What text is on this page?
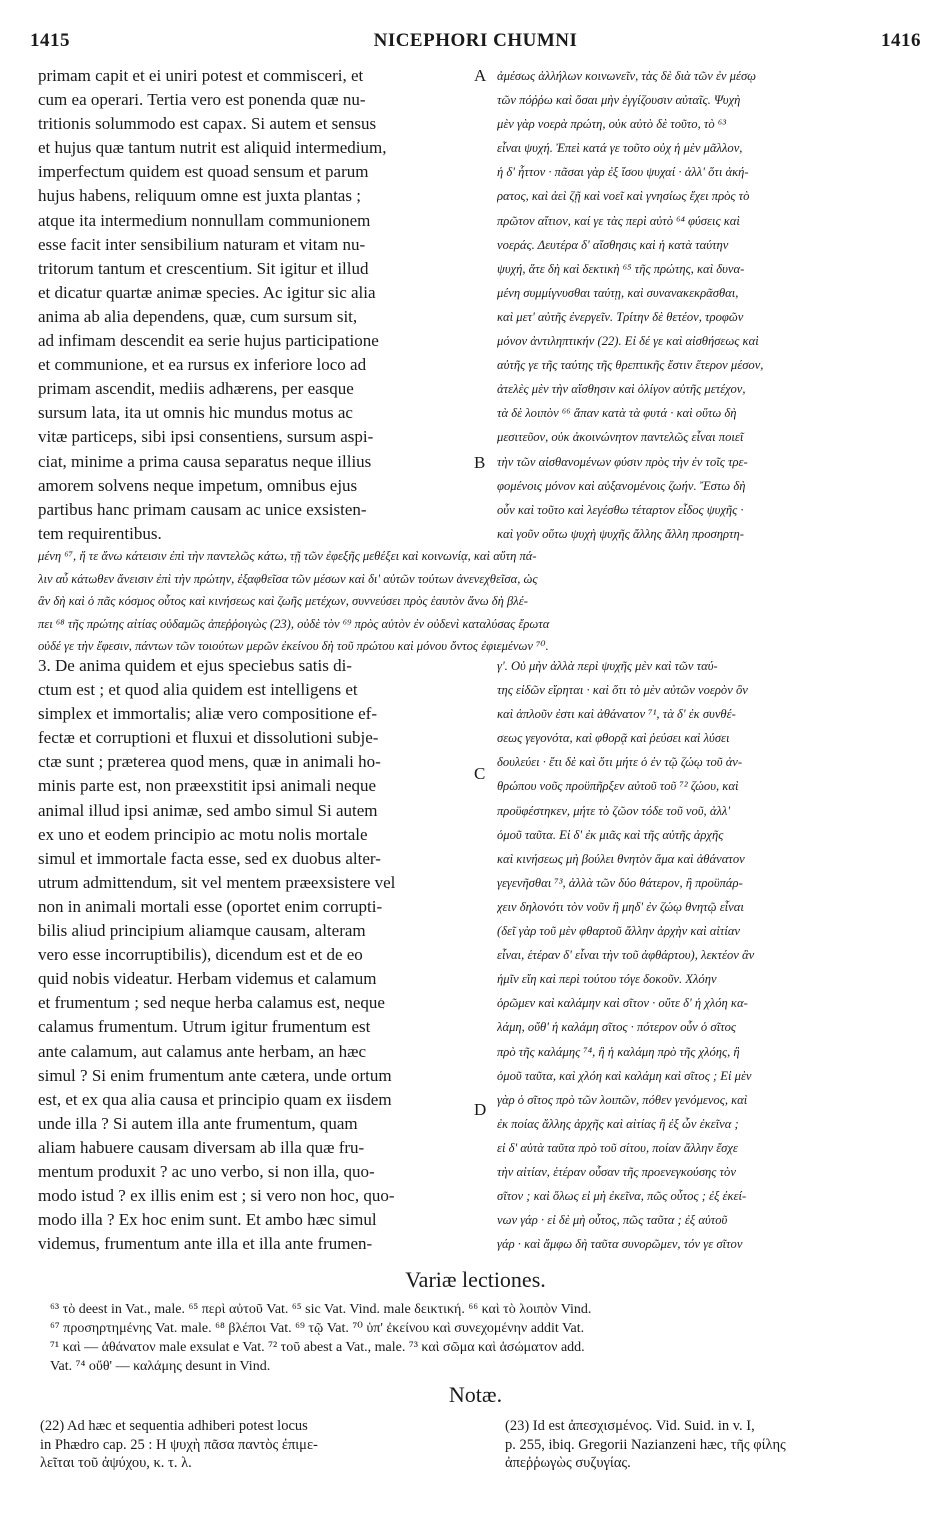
1415	NICEPHORI CHUMNI	1416
A
B
C
D
primam capit et ei uniri potest et commisceri, et
cum ea operari. Tertia vero est ponenda quæ nu-
tritionis solummodo est capax. Si autem et sensus
et hujus quæ tantum nutrit est aliquid intermedium,
imperfectum quidem est quoad sensum et parum
hujus habens, reliquum omne est juxta plantas ;
atque ita intermedium nonnullam communionem
esse facit inter sensibilium naturam et vitam nu-
tritorum tantum et crescentium. Sit igitur et illud
et dicatur quartæ animæ species. Ac igitur sic alia
anima ab alia dependens, quæ, cum sursum sit,
ad infimam descendit ea serie hujus participatione
et communione, et ea rursus ex inferiore loco ad
primam ascendit, mediis adhærens, per easque
sursum lata, ita ut omnis hic mundus motus ac
vitæ particeps, sibi ipsi consentiens, sursum aspi-
ciat, minime a prima causa separatus neque illius
amorem solvens neque impetum, omnibus ejus
partibus hanc primam causam ac unice exsisten-
tem requirentibus.
ἀμέσως ἀλλήλων κοινωνεῖν, τὰς δὲ διὰ τῶν ἐν μέσῳ
τῶν πόῤῥω καὶ ὅσαι μὴν ἐγγίζουσιν αὐταῖς. Ψυχὴ
μὲν γὰρ νοερὰ πρώτη, οὐκ αὐτὸ δὲ τοῦτο, τὸ ⁶³
εἶναι ψυχή. Ἐπεὶ κατά γε τοῦτο οὐχ ἡ μὲν μᾶλλον,
ἡ δ' ἧττον · πᾶσαι γὰρ ἐξ ἴσου ψυχαί · ἀλλ' ὅτι ἀκή-
ρατος, καὶ ἀεὶ ζῇ καὶ νοεῖ καὶ γνησίως ἔχει πρὸς τὸ
πρῶτον αἴτιον, καί γε τὰς περὶ αὐτὸ ⁶⁴ φύσεις καὶ
νοεράς. Δευτέρα δ' αἴσθησις καὶ ἡ κατὰ ταύτην
ψυχή, ἅτε δὴ καὶ δεκτικὴ ⁶⁵ τῆς πρώτης, καὶ δυνα-
μένη συμμίγνυσθαι ταύτῃ, καὶ συνανακεκρᾶσθαι,
καὶ μετ' αὐτῆς ἐνεργεῖν. Τρίτην δὲ θετέον, τροφῶν
μόνον ἀντιληπτικήν (22). Εἰ δέ γε καὶ αἰσθήσεως καὶ
αὐτῆς γε τῆς ταύτης τῆς θρεπτικῆς ἔστιν ἕτερον μέσον,
ἀτελὲς μὲν τὴν αἴσθησιν καὶ ὀλίγον αὐτῆς μετέχον,
τὰ δὲ λοιπὸν ⁶⁶ ἅπαν κατὰ τὰ φυτά · καὶ οὕτω δὴ
μεσιτεῦον, οὐκ ἀκοινώνητον παντελῶς εἶναι ποιεῖ
τὴν τῶν αἰσθανομένων φύσιν πρὸς τὴν ἐν τοῖς τρε-
φομένοις μόνον καὶ αὐξανομένοις ζωήν. Ἔστω δὴ
οὖν καὶ τοῦτο καὶ λεγέσθω τέταρτον εἶδος ψυχῆς ·
καὶ γοῦν οὕτω ψυχὴ ψυχῆς ἄλλης ἄλλη προσηρτη-
μένη ⁶⁷, ἥ τε ἄνω κάτεισιν ἐπὶ τὴν παντελῶς κάτω, τῇ τῶν ἐφεξῆς μεθέξει καὶ κοινωνίᾳ, καὶ αὕτη πά-
λιν αὖ κάτωθεν ἄνεισιν ἐπὶ τὴν πρώτην, ἐξαφθεῖσα τῶν μέσων καὶ δι' αὐτῶν τούτων ἀνενεχθεῖσα, ὡς
ἂν δὴ καὶ ὁ πᾶς κόσμος οὗτος καὶ κινήσεως καὶ ζωῆς μετέχων, συννεύσει πρὸς ἑαυτὸν ἄνω δὴ βλέ-
πει ⁶⁸ τῆς πρώτης αἰτίας οὐδαμῶς ἀπεῤῥοιγὼς (23), οὐδὲ τὸν ⁶⁹ πρὸς αὐτὸν ἐν οὐδενὶ καταλύσας ἔρωτα
οὐδέ γε τὴν ἔφεσιν, πάντων τῶν τοιούτων μερῶν ἐκείνου δὴ τοῦ πρώτου καὶ μόνου ὄντος ἐφιεμένων ⁷⁰.
3. De anima quidem et ejus speciebus satis di-
ctum est ; et quod alia quidem est intelligens et
simplex et immortalis; aliæ vero compositione ef-
fectæ et corruptioni et fluxui et dissolutioni subje-
ctæ sunt ; præterea quod mens, quæ in animali ho-
minis parte est, non præexstitit ipsi animali neque
animal illud ipsi animæ, sed ambo simul Si autem
ex uno et eodem principio ac motu nolis mortale
simul et immortale facta esse, sed ex duobus alter-
utrum admittendum, sit vel mentem præexsistere vel
non in animali mortali esse (oportet enim corrupti-
bilis aliud principium aliamque causam, alteram
vero esse incorruptibilis), dicendum est et de eo
quid nobis videatur. Herbam videmus et calamum
et frumentum ; sed neque herba calamus est, neque
calamus frumentum. Utrum igitur frumentum est
ante calamum, aut calamus ante herbam, an hæc
simul ? Si enim frumentum ante cætera, unde ortum
est, et ex qua alia causa et principio quam ex iisdem
unde illa ? Si autem illa ante frumentum, quam
aliam habuere causam diversam ab illa quæ fru-
mentum produxit ? ac uno verbo, si non illa, quo-
modo istud ? ex illis enim est ; si vero non hoc, quo-
modo illa ? Ex hoc enim sunt. Et ambo hæc simul
videmus, frumentum ante illa et illa ante frumen-
γ'. Οὐ μὴν ἀλλὰ περὶ ψυχῆς μὲν καὶ τῶν ταύ-
της εἰδῶν εἴρηται · καὶ ὅτι τὸ μὲν αὐτῶν νοερὸν ὂν
καὶ ἁπλοῦν ἐστι καὶ ἀθάνατον ⁷¹, τὰ δ' ἐκ συνθέ-
σεως γεγονότα, καὶ φθορᾷ καὶ ῥεύσει καὶ λύσει
δουλεύει · ἔτι δὲ καὶ ὅτι μήτε ὁ ἐν τῷ ζώῳ τοῦ ἀν-
θρώπου νοῦς προϋπῆρξεν αὐτοῦ τοῦ ⁷² ζώου, καὶ
προϋφέστηκεν, μήτε τὸ ζῶον τόδε τοῦ νοῦ, ἀλλ'
ὁμοῦ ταῦτα. Εἰ δ' ἐκ μιᾶς καὶ τῆς αὐτῆς ἀρχῆς
καὶ κινήσεως μὴ βούλει θνητὸν ἅμα καὶ ἀθάνατον
γεγενῆσθαι ⁷³, ἀλλὰ τῶν δύο θάτερον, ἢ προϋπάρ-
χειν δηλονότι τὸν νοῦν ἢ μηδ' ἐν ζώῳ θνητῷ εἶναι
(δεῖ γὰρ τοῦ μὲν φθαρτοῦ ἄλλην ἀρχὴν καὶ αἰτίαν
εἶναι, ἑτέραν δ' εἶναι τὴν τοῦ ἀφθάρτου), λεκτέον ἂν
ἡμῖν εἴη καὶ περὶ τούτου τόγε δοκοῦν. Χλόην
ὁρῶμεν καὶ καλάμην καὶ σῖτον · οὔτε δ' ἡ χλόη κα-
λάμη, οὔθ' ἡ καλάμη σῖτος · πότερον οὖν ὁ σῖτος
πρὸ τῆς καλάμης ⁷⁴, ἢ ἡ καλάμη πρὸ τῆς χλόης, ἢ
ὁμοῦ ταῦτα, καὶ χλόη καὶ καλάμη καὶ σῖτος ; Εἰ μὲν
γὰρ ὁ σῖτος πρὸ τῶν λοιπῶν, πόθεν γενόμενος, καὶ
ἐκ ποίας ἄλλης ἀρχῆς καὶ αἰτίας ἢ ἐξ ὧν ἐκεῖνα ;
εἰ δ' αὐτὰ ταῦτα πρὸ τοῦ σίτου, ποίαν ἄλλην ἔσχε
τὴν αἰτίαν, ἑτέραν οὖσαν τῆς προενεγκούσης τὸν
σῖτον ; καὶ ὅλως εἰ μὴ ἐκεῖνα, πῶς οὗτος ; ἐξ ἐκεί-
νων γάρ · εἰ δὲ μὴ οὗτος, πῶς ταῦτα ; ἐξ αὐτοῦ
γάρ · καὶ ἄμφω δὴ ταῦτα συνορῶμεν, τόν γε σῖτον
Variæ lectiones.
⁶³ τὸ deest in Vat., male. ⁶⁵ περὶ αὐτοῦ Vat. ⁶⁵ sic Vat. Vind. male δεικτική. ⁶⁶ καὶ τὸ λοιπὸν Vind.
⁶⁷ προσηρτημένης Vat. male. ⁶⁸ βλέποι Vat. ⁶⁹ τῷ Vat. ⁷⁰ ὑπ' ἐκείνου καὶ συνεχομένην addit Vat.
⁷¹ καὶ — ἀθάνατον male exsulat e Vat. ⁷² τοῦ abest a Vat., male. ⁷³ καὶ σῶμα καὶ ἀσώματον add.
Vat. ⁷⁴ οὔθ' — καλάμης desunt in Vind.
Notæ.
(22) Ad hæc et sequentia adhiberi potest locus
in Phædro cap. 25 : Η ψυχὴ πᾶσα παντὸς ἐπιμε-
λεῖται τοῦ ἀψύχου, κ. τ. λ.
(23) Id est ἀπεσχισμένος. Vid. Suid. in v. I,
p. 255, ibiq. Gregorii Nazianzeni hæc, τῆς φίλης
ἀπεῤῥωγὼς συζυγίας.
